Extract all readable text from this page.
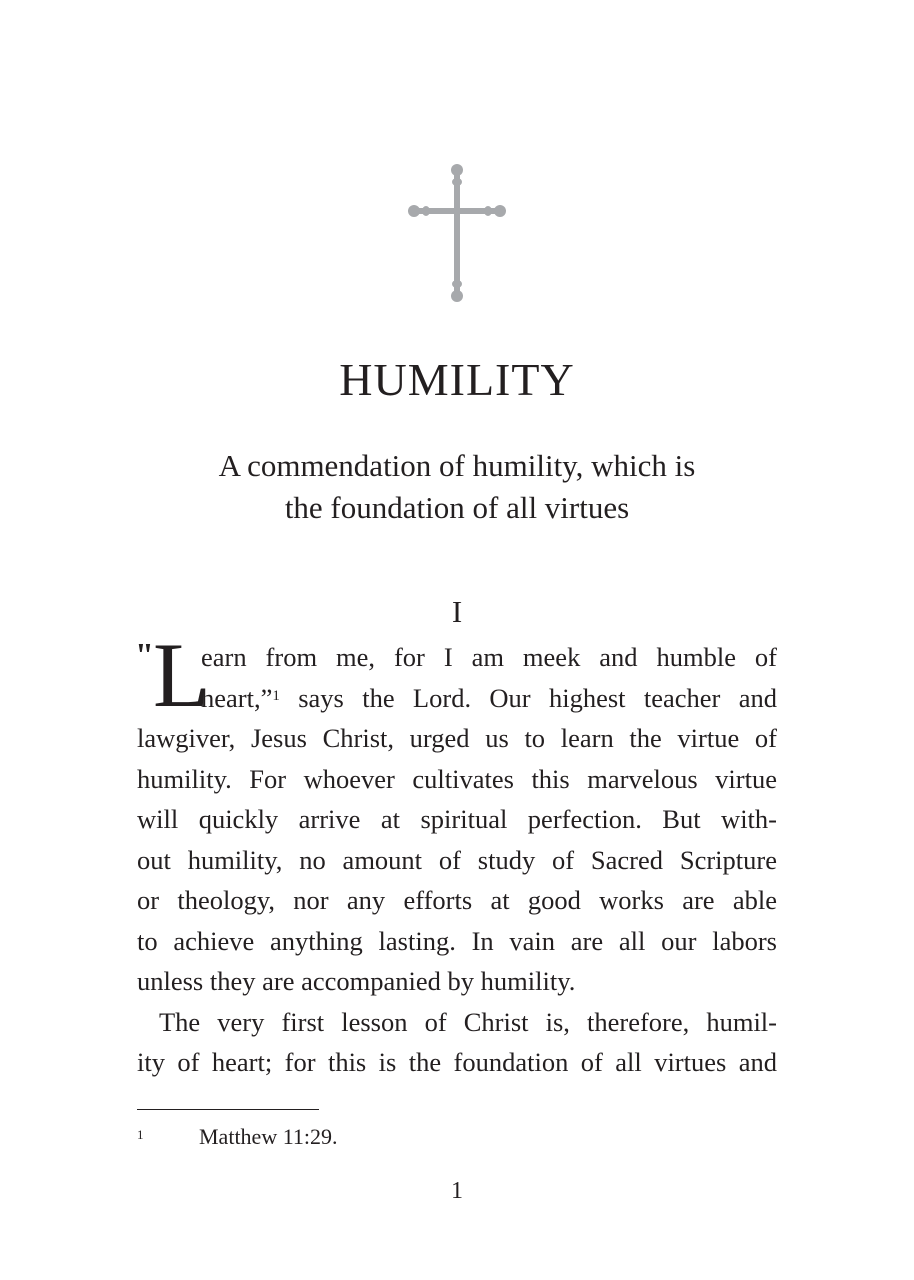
HUMILITY
A commendation of humility, which is
the foundation of all virtues
I
" L
earn from me, for I am meek and humble of
heart,”$^1$ says the Lord. Our highest teacher and
lawgiver, Jesus Christ, urged us to learn the virtue of
humility. For whoever cultivates this marvelous virtue
will quickly arrive at spiritual perfection. But with-
out humility, no amount of study of Sacred Scripture
or theology, nor any efforts at good works are able
to achieve anything lasting. In vain are all our labors
unless they are accompanied by humility.
The very first lesson of Christ is, therefore, humil-
ity of heart; for this is the foundation of all virtues and
1	Matthew 11:29.
1
